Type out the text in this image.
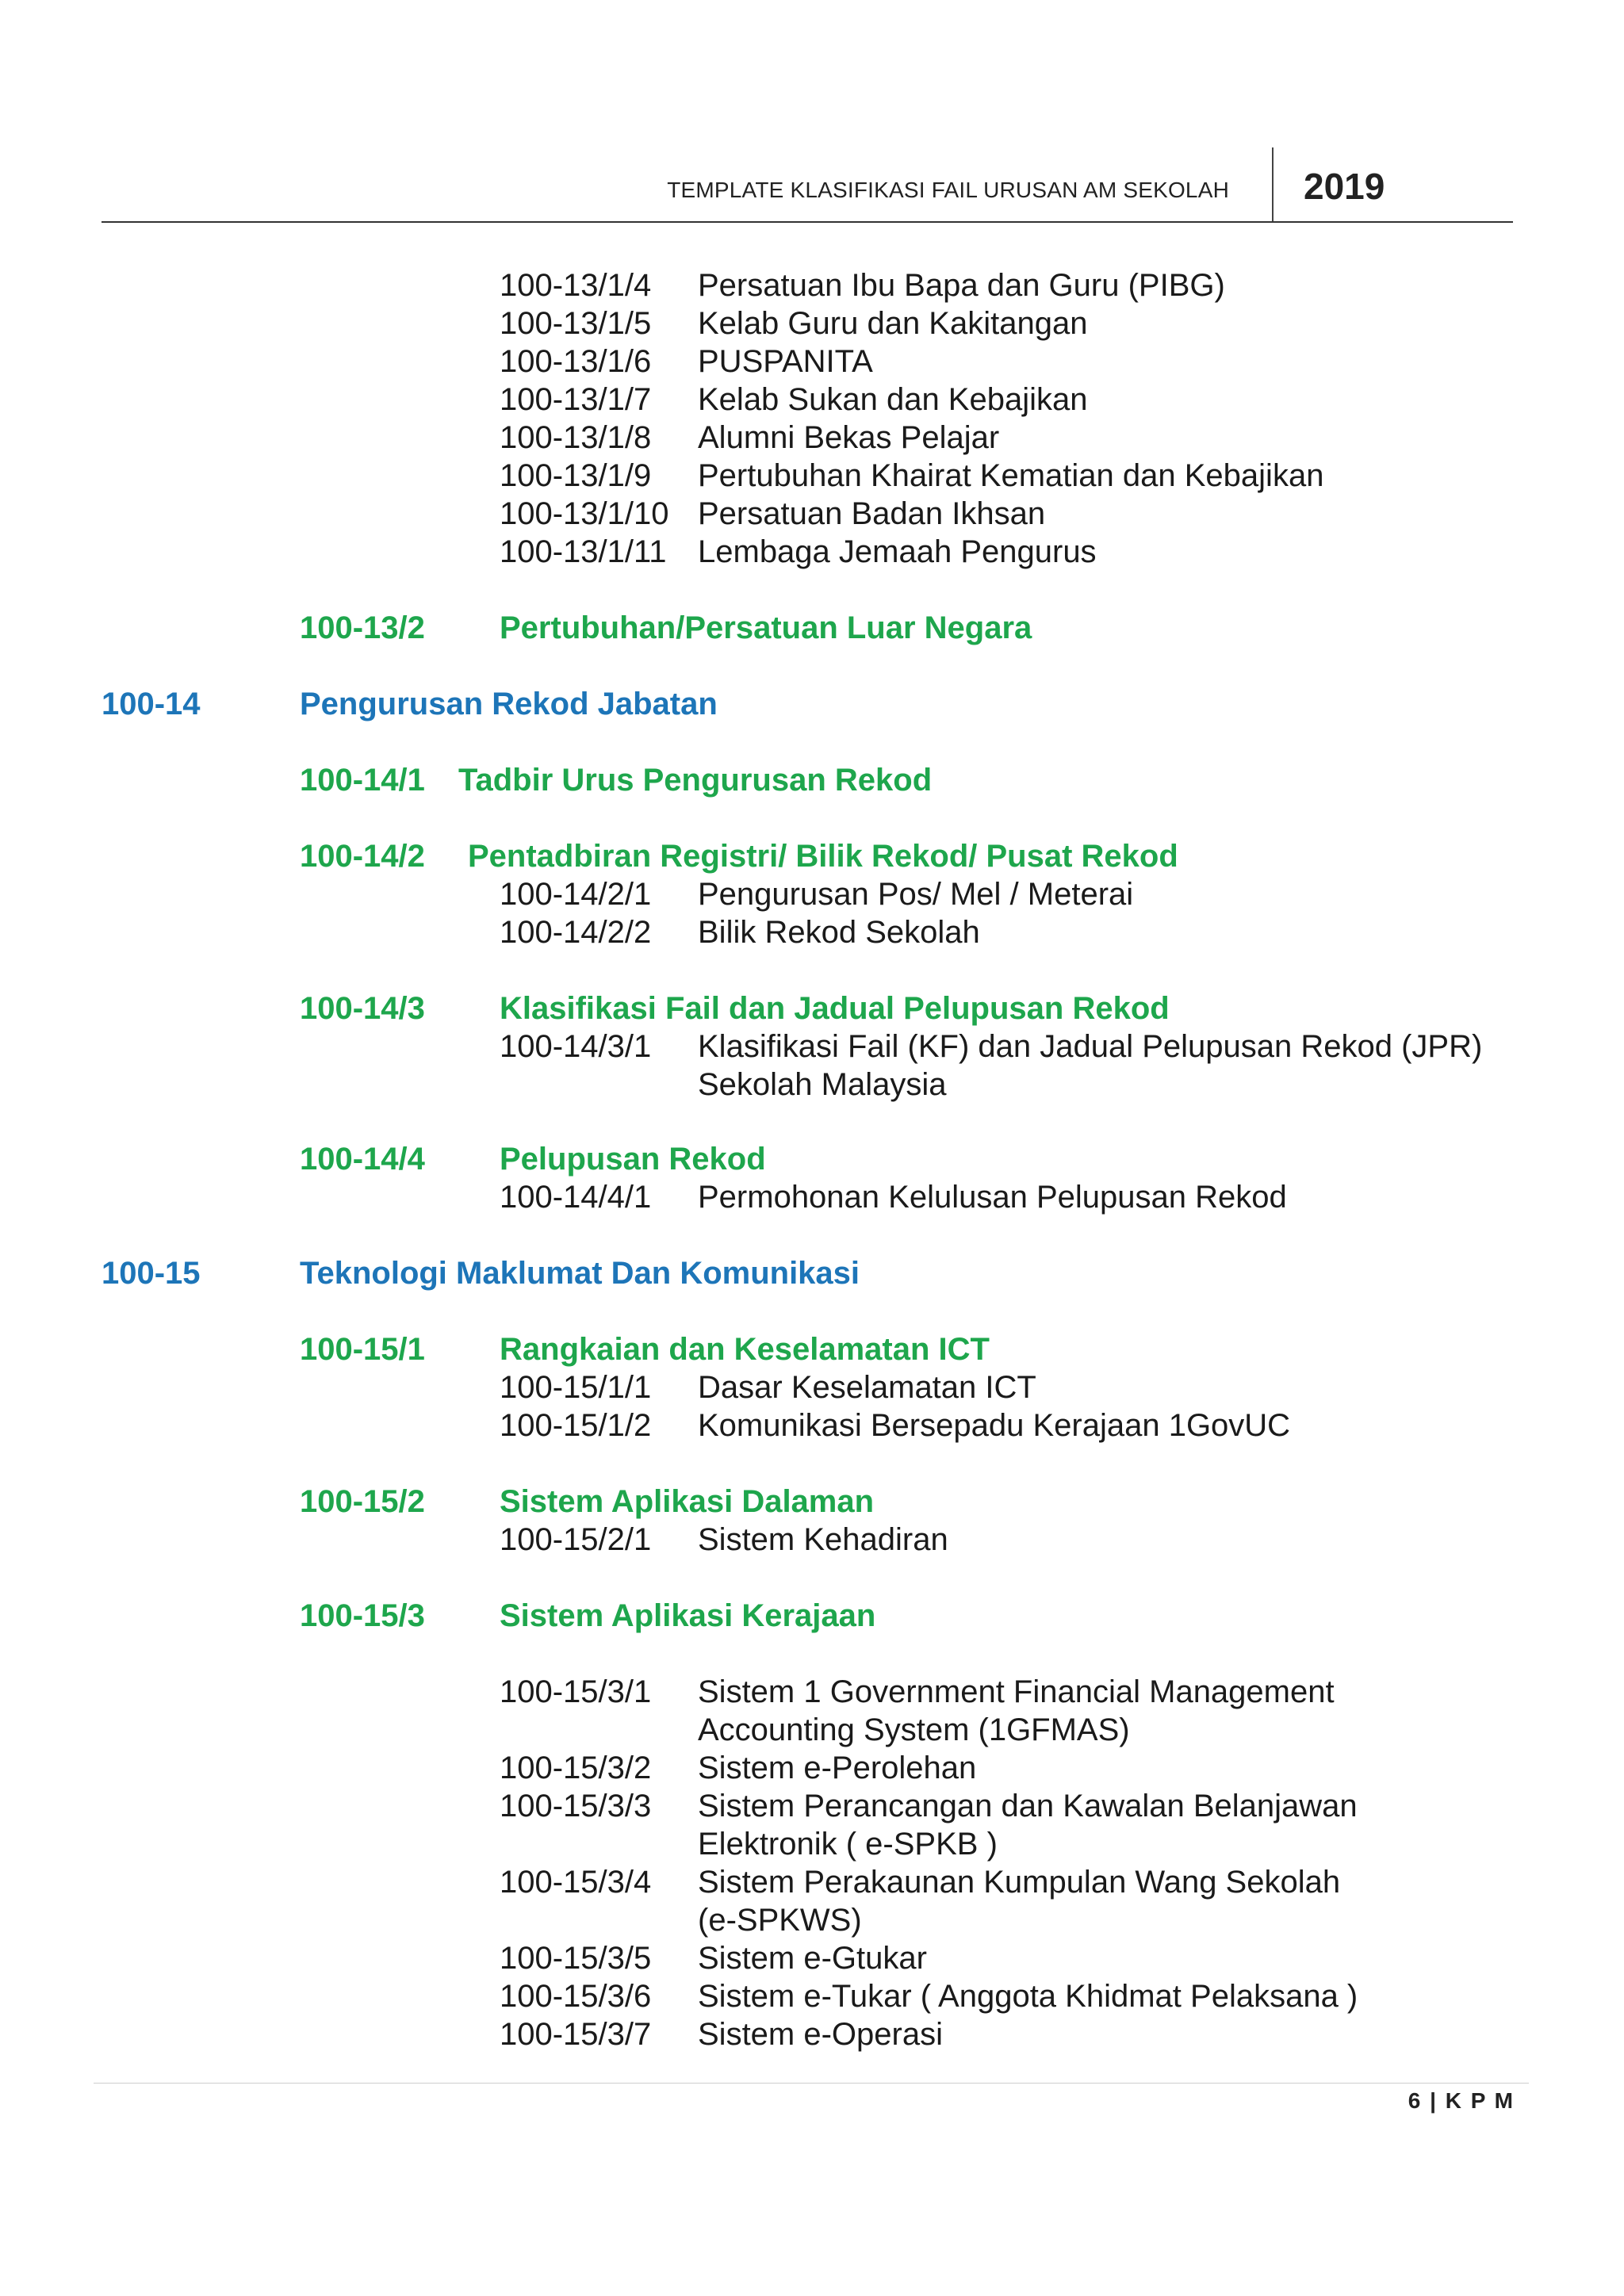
TEMPLATE KLASIFIKASI FAIL URUSAN AM SEKOLAH 2019
100-13/1/4 Persatuan Ibu Bapa dan Guru (PIBG)
100-13/1/5 Kelab Guru dan Kakitangan
100-13/1/6 PUSPANITA
100-13/1/7 Kelab Sukan dan Kebajikan
100-13/1/8 Alumni Bekas Pelajar
100-13/1/9 Pertubuhan Khairat Kematian dan Kebajikan
100-13/1/10 Persatuan Badan Ikhsan
100-13/1/11 Lembaga Jemaah Pengurus
100-13/2 Pertubuhan/Persatuan Luar Negara
100-14	Pengurusan Rekod Jabatan
100-14/1 Tadbir Urus Pengurusan Rekod
100-14/2 Pentadbiran Registri/ Bilik Rekod/ Pusat Rekod
100-14/2/1 Pengurusan Pos/ Mel / Meterai
100-14/2/2 Bilik Rekod Sekolah
100-14/3 Klasifikasi Fail dan Jadual Pelupusan Rekod
100-14/3/1 Klasifikasi Fail (KF) dan Jadual Pelupusan Rekod (JPR)
Sekolah Malaysia
100-14/4 Pelupusan Rekod
100-14/4/1 Permohonan Kelulusan Pelupusan Rekod
100-15	Teknologi Maklumat Dan Komunikasi
100-15/1 Rangkaian dan Keselamatan ICT
100-15/1/1 Dasar Keselamatan ICT
100-15/1/2 Komunikasi Bersepadu Kerajaan 1GovUC
100-15/2 Sistem Aplikasi Dalaman
100-15/2/1 Sistem Kehadiran
100-15/3 Sistem Aplikasi Kerajaan
100-15/3/1 Sistem 1 Government Financial Management
Accounting System (1GFMAS)
100-15/3/2 Sistem e-Perolehan
100-15/3/3 Sistem Perancangan dan Kawalan Belanjawan
Elektronik ( e-SPKB )
100-15/3/4 Sistem Perakaunan Kumpulan Wang Sekolah
(e-SPKWS)
100-15/3/5 Sistem e-Gtukar
100-15/3/6 Sistem e-Tukar ( Anggota Khidmat Pelaksana )
100-15/3/7 Sistem e-Operasi
6 | K P M
